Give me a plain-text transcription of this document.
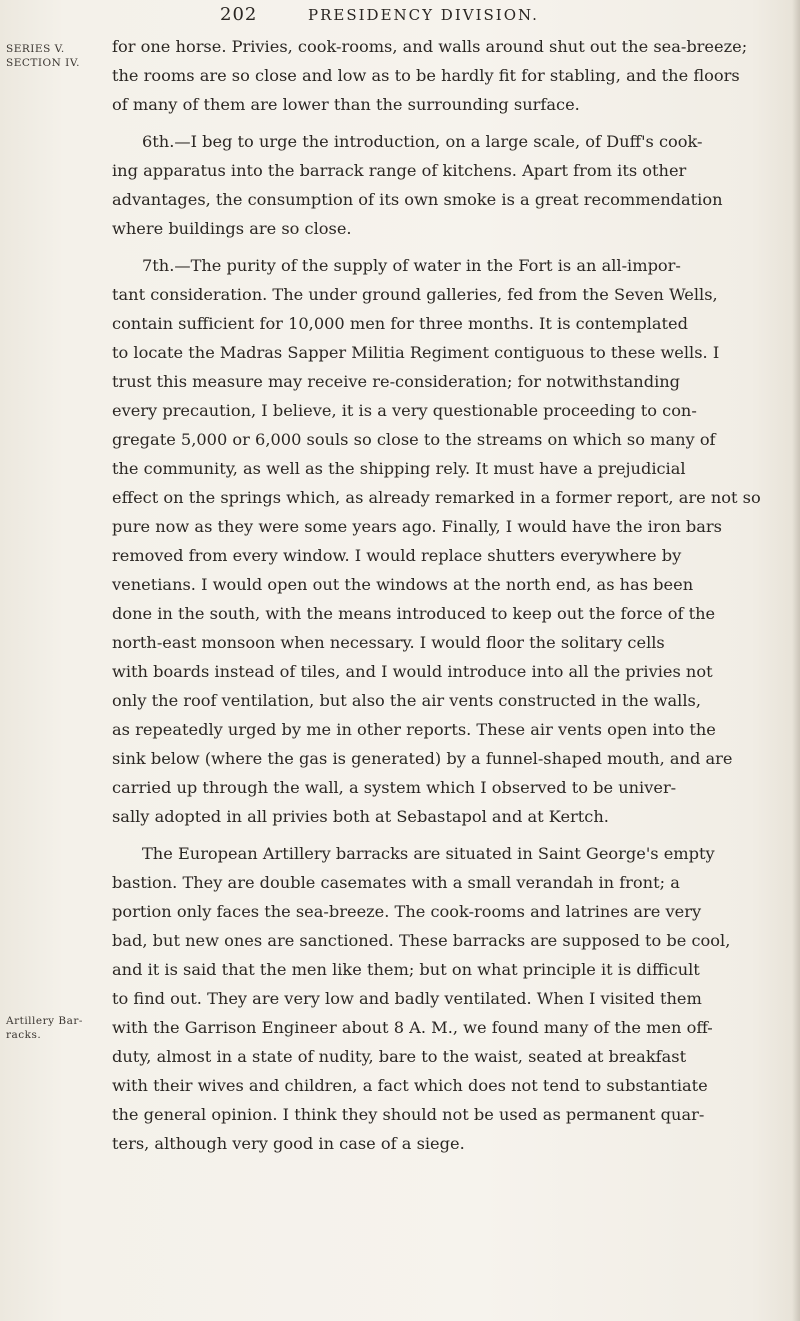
202	PRESIDENCY DIVISION.
SERIES V.
SECTION IV.
Artillery Bar-
racks.
for one horse. Privies, cook-rooms, and walls around shut out the sea-breeze;
the rooms are so close and low as to be hardly fit for stabling, and the floors
of many of them are lower than the surrounding surface.
6th.—I beg to urge the introduction, on a large scale, of Duff's cook-
ing apparatus into the barrack range of kitchens. Apart from its other
advantages, the consumption of its own smoke is a great recommendation
where buildings are so close.
7th.—The purity of the supply of water in the Fort is an all-impor-
tant consideration. The under ground galleries, fed from the Seven Wells,
contain sufficient for 10,000 men for three months. It is contemplated
to locate the Madras Sapper Militia Regiment contiguous to these wells. I
trust this measure may receive re-consideration; for notwithstanding
every precaution, I believe, it is a very questionable proceeding to con-
gregate 5,000 or 6,000 souls so close to the streams on which so many of
the community, as well as the shipping rely. It must have a prejudicial
effect on the springs which, as already remarked in a former report, are not so
pure now as they were some years ago. Finally, I would have the iron bars
removed from every window. I would replace shutters everywhere by
venetians. I would open out the windows at the north end, as has been
done in the south, with the means introduced to keep out the force of the
north-east monsoon when necessary. I would floor the solitary cells
with boards instead of tiles, and I would introduce into all the privies not
only the roof ventilation, but also the air vents constructed in the walls,
as repeatedly urged by me in other reports. These air vents open into the
sink below (where the gas is generated) by a funnel-shaped mouth, and are
carried up through the wall, a system which I observed to be univer-
sally adopted in all privies both at Sebastapol and at Kertch.
The European Artillery barracks are situated in Saint George's empty
bastion. They are double casemates with a small verandah in front; a
portion only faces the sea-breeze. The cook-rooms and latrines are very
bad, but new ones are sanctioned. These barracks are supposed to be cool,
and it is said that the men like them; but on what principle it is difficult
to find out. They are very low and badly ventilated. When I visited them
with the Garrison Engineer about 8 A. M., we found many of the men off-
duty, almost in a state of nudity, bare to the waist, seated at breakfast
with their wives and children, a fact which does not tend to substantiate
the general opinion. I think they should not be used as permanent quar-
ters, although very good in case of a siege.
